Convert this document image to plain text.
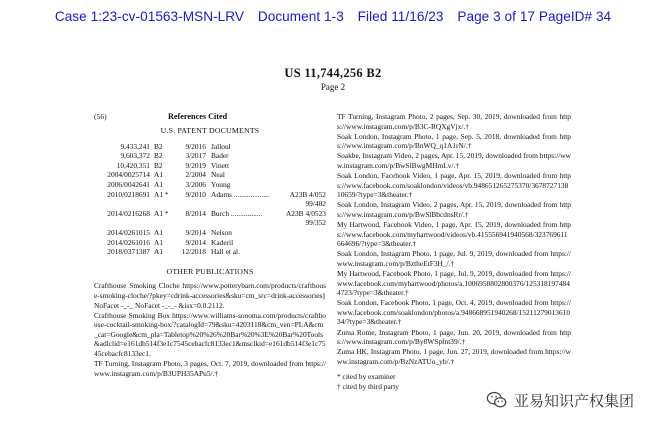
Case 1:23-cv-01563-MSN-LRV Document 1-3 Filed 11/16/23 Page 3 of 17 PageID# 34
US 11,744,256 B2
Page 2
(56)	References Cited
U.S. PATENT DOCUMENTS
9,433,241 B2	9/2016 Jalloul
9,603,372 B2	3/2017 Bader
10,420,351 B2	9/2019 Vinett
2004/0025714 A1	2/2004 Neal
2006/0042641 A1	3/2006 Young
2010/0218691 A1 *	9/2010 Adams ...................	A23B 4/052
99/482
2014/0216268 A1 *	8/2014 Burch .................	A23B 4/0523
99/352
2014/0261015 A1	9/2014 Nelson
2014/0261016 A1	9/2014 Kaderil
2018/0371387 A1	12/2018 Hall et al.
OTHER PUBLICATIONS
Crafthouse Smoking Cloche https://www.potterybarn.com/products/crafthouse-smoking-cloche/?pkey=cdrink-accessories&sku=cm_src=drink-accessories||NoFacet -_-_ NoFacet -_-_- &isx=0.0.2112.
Crafthouse Smoking Box https://www.williams-sonoma.com/products/crafthouse-cocktail-smoking-box/?catalogId=79&sku=4203118&cm_ven=PLA&cm_cat=Google&cm_pla=Tabletop%20%26%20Bar%20%3E%20Bar%20Tools&adlclid=e161db514f3e1c7545cebacfc8133ec1&msclkid=e161db514f3e1c7545cebacfc8133ec1.
TF Turning, Instagram Photo, 3 pages, Oct. 7, 2019, downloaded from https://www.instagram.com/p/B3UPH35APu5/.†
TF Turning, Instagram Photo, 2 pages, Sep. 30, 2019, downloaded from https://www.instagram.com/p/B3C-RQXgVjx/.†
Soak London, Instagram Photo, 1 page, Sep. 5, 2018, downloaded from https://www.instagram.com/p/BnWQ_q1A1rN/.†
Soakbe, Instagram Video, 2 pages, Apr. 15, 2019, downloaded from https://www.instagram.com/p/BwSlBwgMHmLv/.†
Soak London, Facebook Video, 1 page, Apr. 15, 2019, downloaded from https://www.facebook.com/soaklondon/videos/vb.948651265275370/367872713810659/?type=3&theater.†
Soak London, Instagram Video, 2 pages, Apr. 15, 2019, downloaded from https://www.instagram.com/p/BwSlBbcdnsRr/.†
My Hartwood, Facebook Video, 1 page, Apr. 15, 2019, downloaded from https://www.facebook.com/myhartwood/videos/vb.415556941940568/323769611664696/?type=3&theater.†
Soak London, Instagram Photo, 1 page, Jul. 9, 2019, downloaded from https://www.instagram.com/p/BztheEtF3H_/.†
My Hartwood, Facebook Photo, 1 page, Jul. 9, 2019, downloaded from https://www.facebook.com/myhartwood/photos/a.1006958802800376/1253181974844723/?type=3&theater.†
Soak London, Facebook Photo, 1 page, Oct. 4, 2019, downloaded from https://www.facebook.com/soaklondon/photos/a.948668951940268/1521127901361034/?type=3&theater.†
Zuma Rome, Instagram Photo, 1 page, Jun. 20, 2019, downloaded from https://www.instagram.com/p/By8WSpfnt39/.†
Zuma HK, Instagram Photo, 1 page, Jun. 27, 2019, downloaded from https://www.instagram.com/p/BzNzATUo_yb/.†
* cited by examiner
† cited by third party
亚易知识产权集团
